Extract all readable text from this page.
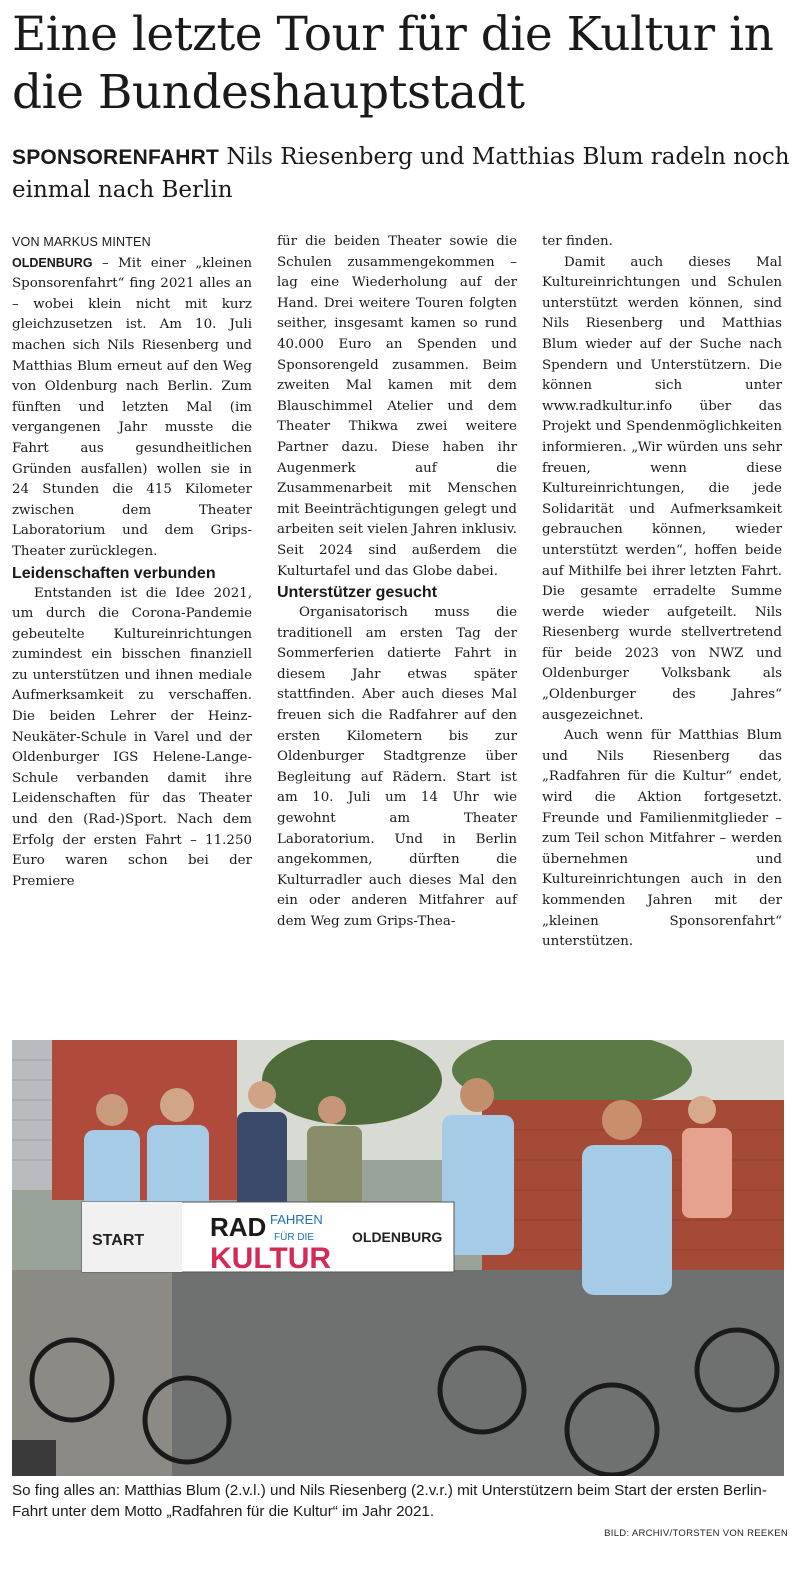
Eine letzte Tour für die Kultur in die Bundeshauptstadt

SPONSORENFAHRT Nils Riesenberg und Matthias Blum radeln noch einmal nach Berlin

VON MARKUS MINTEN

OLDENBURG – Mit einer „kleinen Sponsorenfahrt“ fing 2021 alles an – wobei klein nicht mit kurz gleichzusetzen ist. Am 10. Juli machen sich Nils Riesenberg und Matthias Blum erneut auf den Weg von Oldenburg nach Berlin. Zum fünften und letzten Mal (im vergangenen Jahr musste die Fahrt aus gesundheitlichen Gründen ausfallen) wollen sie in 24 Stunden die 415 Kilometer zwischen dem Theater Laboratorium und dem Grips-Theater zurücklegen.

Leidenschaften verbunden

Entstanden ist die Idee 2021, um durch die Corona-Pandemie gebeutelte Kultureinrichtungen zumindest ein bisschen finanziell zu unterstützen und ihnen mediale Aufmerksamkeit zu verschaffen. Die beiden Lehrer der Heinz-Neukäter-Schule in Varel und der Oldenburger IGS Helene-Lange-Schule verbanden damit ihre Leidenschaften für das Theater und den (Rad-)Sport. Nach dem Erfolg der ersten Fahrt – 11.250 Euro waren schon bei der Premiere

für die beiden Theater sowie die Schulen zusammengekommen – lag eine Wiederholung auf der Hand. Drei weitere Touren folgten seither, insgesamt kamen so rund 40.000 Euro an Spenden und Sponsorengeld zusammen. Beim zweiten Mal kamen mit dem Blauschimmel Atelier und dem Theater Thikwa zwei weitere Partner dazu. Diese haben ihr Augenmerk auf die Zusammenarbeit mit Menschen mit Beeinträchtigungen gelegt und arbeiten seit vielen Jahren inklusiv. Seit 2024 sind außerdem die Kulturtafel und das Globe dabei.

Unterstützer gesucht

Organisatorisch muss die traditionell am ersten Tag der Sommerferien datierte Fahrt in diesem Jahr etwas später stattfinden. Aber auch dieses Mal freuen sich die Radfahrer auf den ersten Kilometern bis zur Oldenburger Stadtgrenze über Begleitung auf Rädern. Start ist am 10. Juli um 14 Uhr wie gewohnt am Theater Laboratorium. Und in Berlin angekommen, dürften die Kulturradler auch dieses Mal den ein oder anderen Mitfahrer auf dem Weg zum Grips-Thea-

ter finden.

Damit auch dieses Mal Kultureinrichtungen und Schulen unterstützt werden können, sind Nils Riesenberg und Matthias Blum wieder auf der Suche nach Spendern und Unterstützern. Die können sich unter www.radkultur.info über das Projekt und Spendenmöglichkeiten informieren. „Wir würden uns sehr freuen, wenn diese Kultureinrichtungen, die jede Solidarität und Aufmerksamkeit gebrauchen können, wieder unterstützt werden“, hoffen beide auf Mithilfe bei ihrer letzten Fahrt. Die gesamte erradelte Summe werde wieder aufgeteilt. Nils Riesenberg wurde stellvertretend für beide 2023 von NWZ und Oldenburger Volksbank als „Oldenburger des Jahres“ ausgezeichnet.

Auch wenn für Matthias Blum und Nils Riesenberg das „Radfahren für die Kultur“ endet, wird die Aktion fortgesetzt. Freunde und Familienmitglieder – zum Teil schon Mitfahrer – werden übernehmen und Kultureinrichtungen auch in den kommenden Jahren mit der „kleinen Sponsorenfahrt“ unterstützen.

START	RAD
KULTUR
FAHREN
FÜR DIE	OLDENBURG

So fing alles an: Matthias Blum (2.v.l.) und Nils Riesenberg (2.v.r.) mit Unterstützern beim Start der ersten Berlin-Fahrt unter dem Motto „Radfahren für die Kultur“ im Jahr 2021.

BILD: ARCHIV/TORSTEN VON REEKEN
